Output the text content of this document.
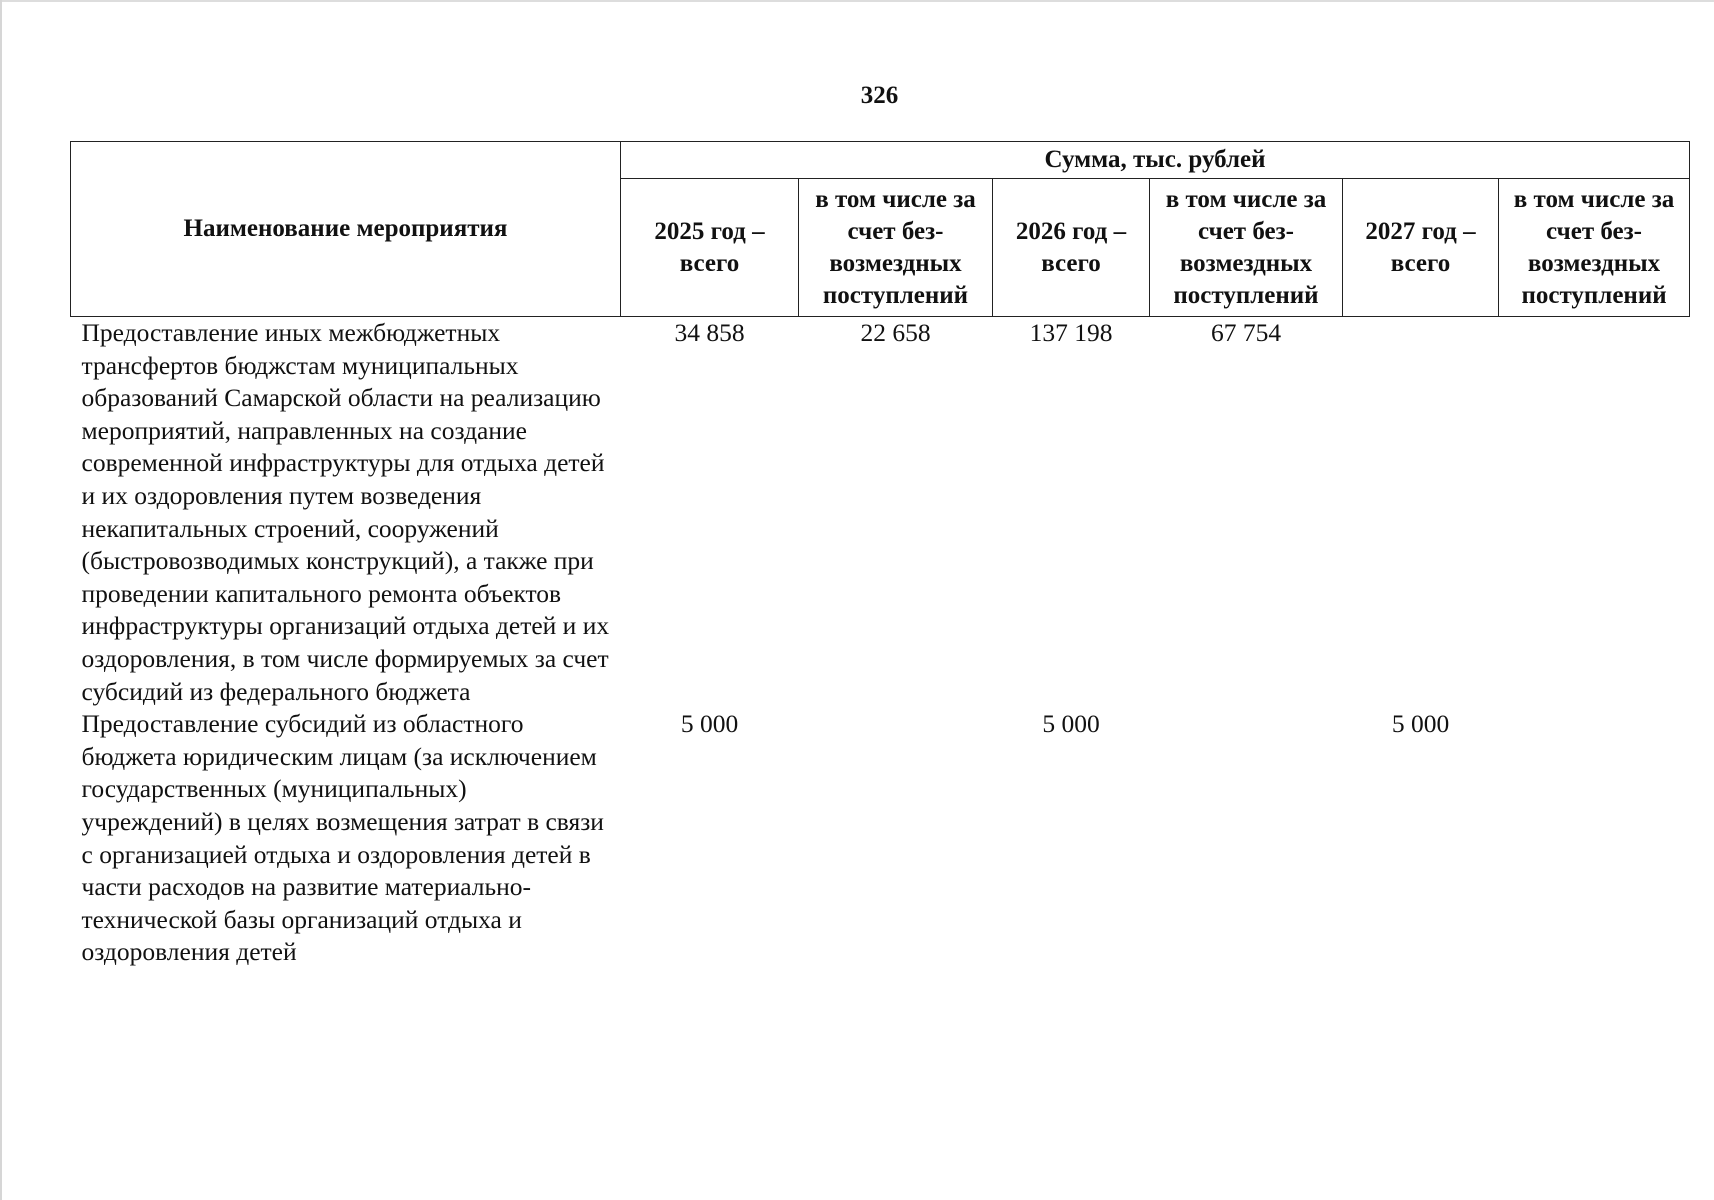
326
Наименование мероприятия	Сумма, тыс. рублей					
	2025 год – всего	в том числе за счет без-возмездных поступлений	2026 год – всего	в том числе за счет без-возмездных поступлений	2027 год – всего	в том числе за счет без-возмездных поступлений
Предоставление иных межбюджетных трансфертов бюджстам муниципальных образований Самарской области на реализацию мероприятий, направленных на создание современной инфраструктуры для отдыха детей и их оздоровления путем возведения некапитальных строений, сооружений (быстровозводимых конструкций), а также при проведении капитального ремонта объектов инфраструктуры организаций отдыха детей и их оздоровления, в том числе формируемых за счет субсидий из федерального бюджета	34 858	22 658	137 198	67 754		
Предоставление субсидий из областного бюджета юридическим лицам (за исключением государственных (муниципальных) учреждений) в целях возмещения затрат в связи с организацией отдыха и оздоровления детей в части расходов на развитие материально-технической базы организаций отдыха и оздоровления детей	5 000		5 000		5 000	
